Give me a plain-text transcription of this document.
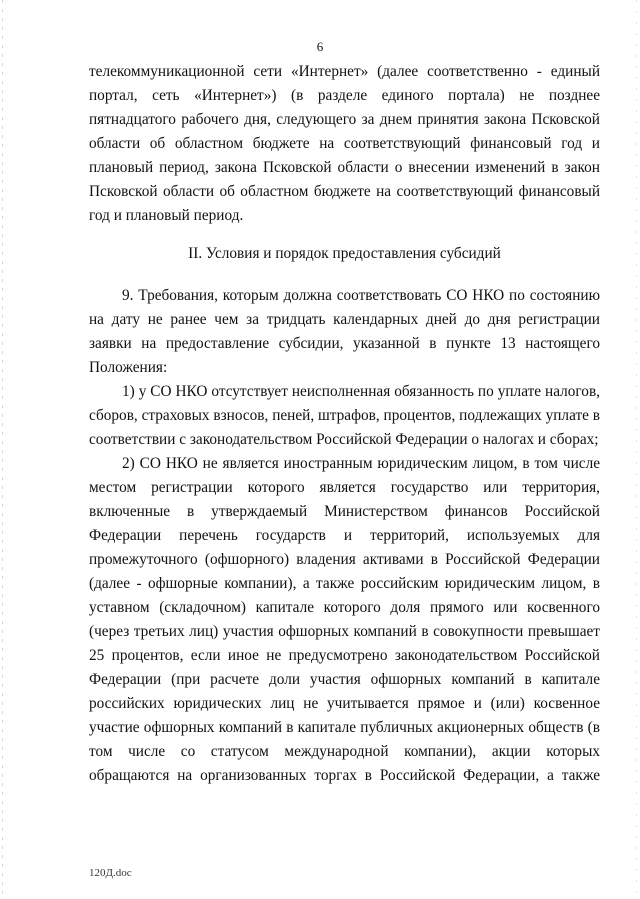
6

телекоммуникационной сети «Интернет» (далее соответственно - единый портал, сеть «Интернет») (в разделе единого портала) не позднее пятнадцатого рабочего дня, следующего за днем принятия закона Псковской области об областном бюджете на соответствующий финансовый год и плановый период, закона Псковской области о внесении изменений в закон Псковской области об областном бюджете на соответствующий финансовый год и плановый период.

II. Условия и порядок предоставления субсидий

9. Требования, которым должна соответствовать СО НКО по состоянию на дату не ранее чем за тридцать календарных дней до дня регистрации заявки на предоставление субсидии, указанной в пункте 13 настоящего Положения:

1) у СО НКО отсутствует неисполненная обязанность по уплате налогов, сборов, страховых взносов, пеней, штрафов, процентов, подлежащих уплате в соответствии с законодательством Российской Федерации о налогах и сборах;

2) СО НКО не является иностранным юридическим лицом, в том числе местом регистрации которого является государство или территория, включенные в утверждаемый Министерством финансов Российской Федерации перечень государств и территорий, используемых для промежуточного (офшорного) владения активами в Российской Федерации (далее - офшорные компании), а также российским юридическим лицом, в уставном (складочном) капитале которого доля прямого или косвенного (через третьих лиц) участия офшорных компаний в совокупности превышает 25 процентов, если иное не предусмотрено законодательством Российской Федерации (при расчете доли участия офшорных компаний в капитале российских юридических лиц не учитывается прямое и (или) косвенное участие офшорных компаний в капитале публичных акционерных обществ (в том числе со статусом международной компании), акции которых обращаются на организованных торгах в Российской Федерации, а также

120Д.doc
